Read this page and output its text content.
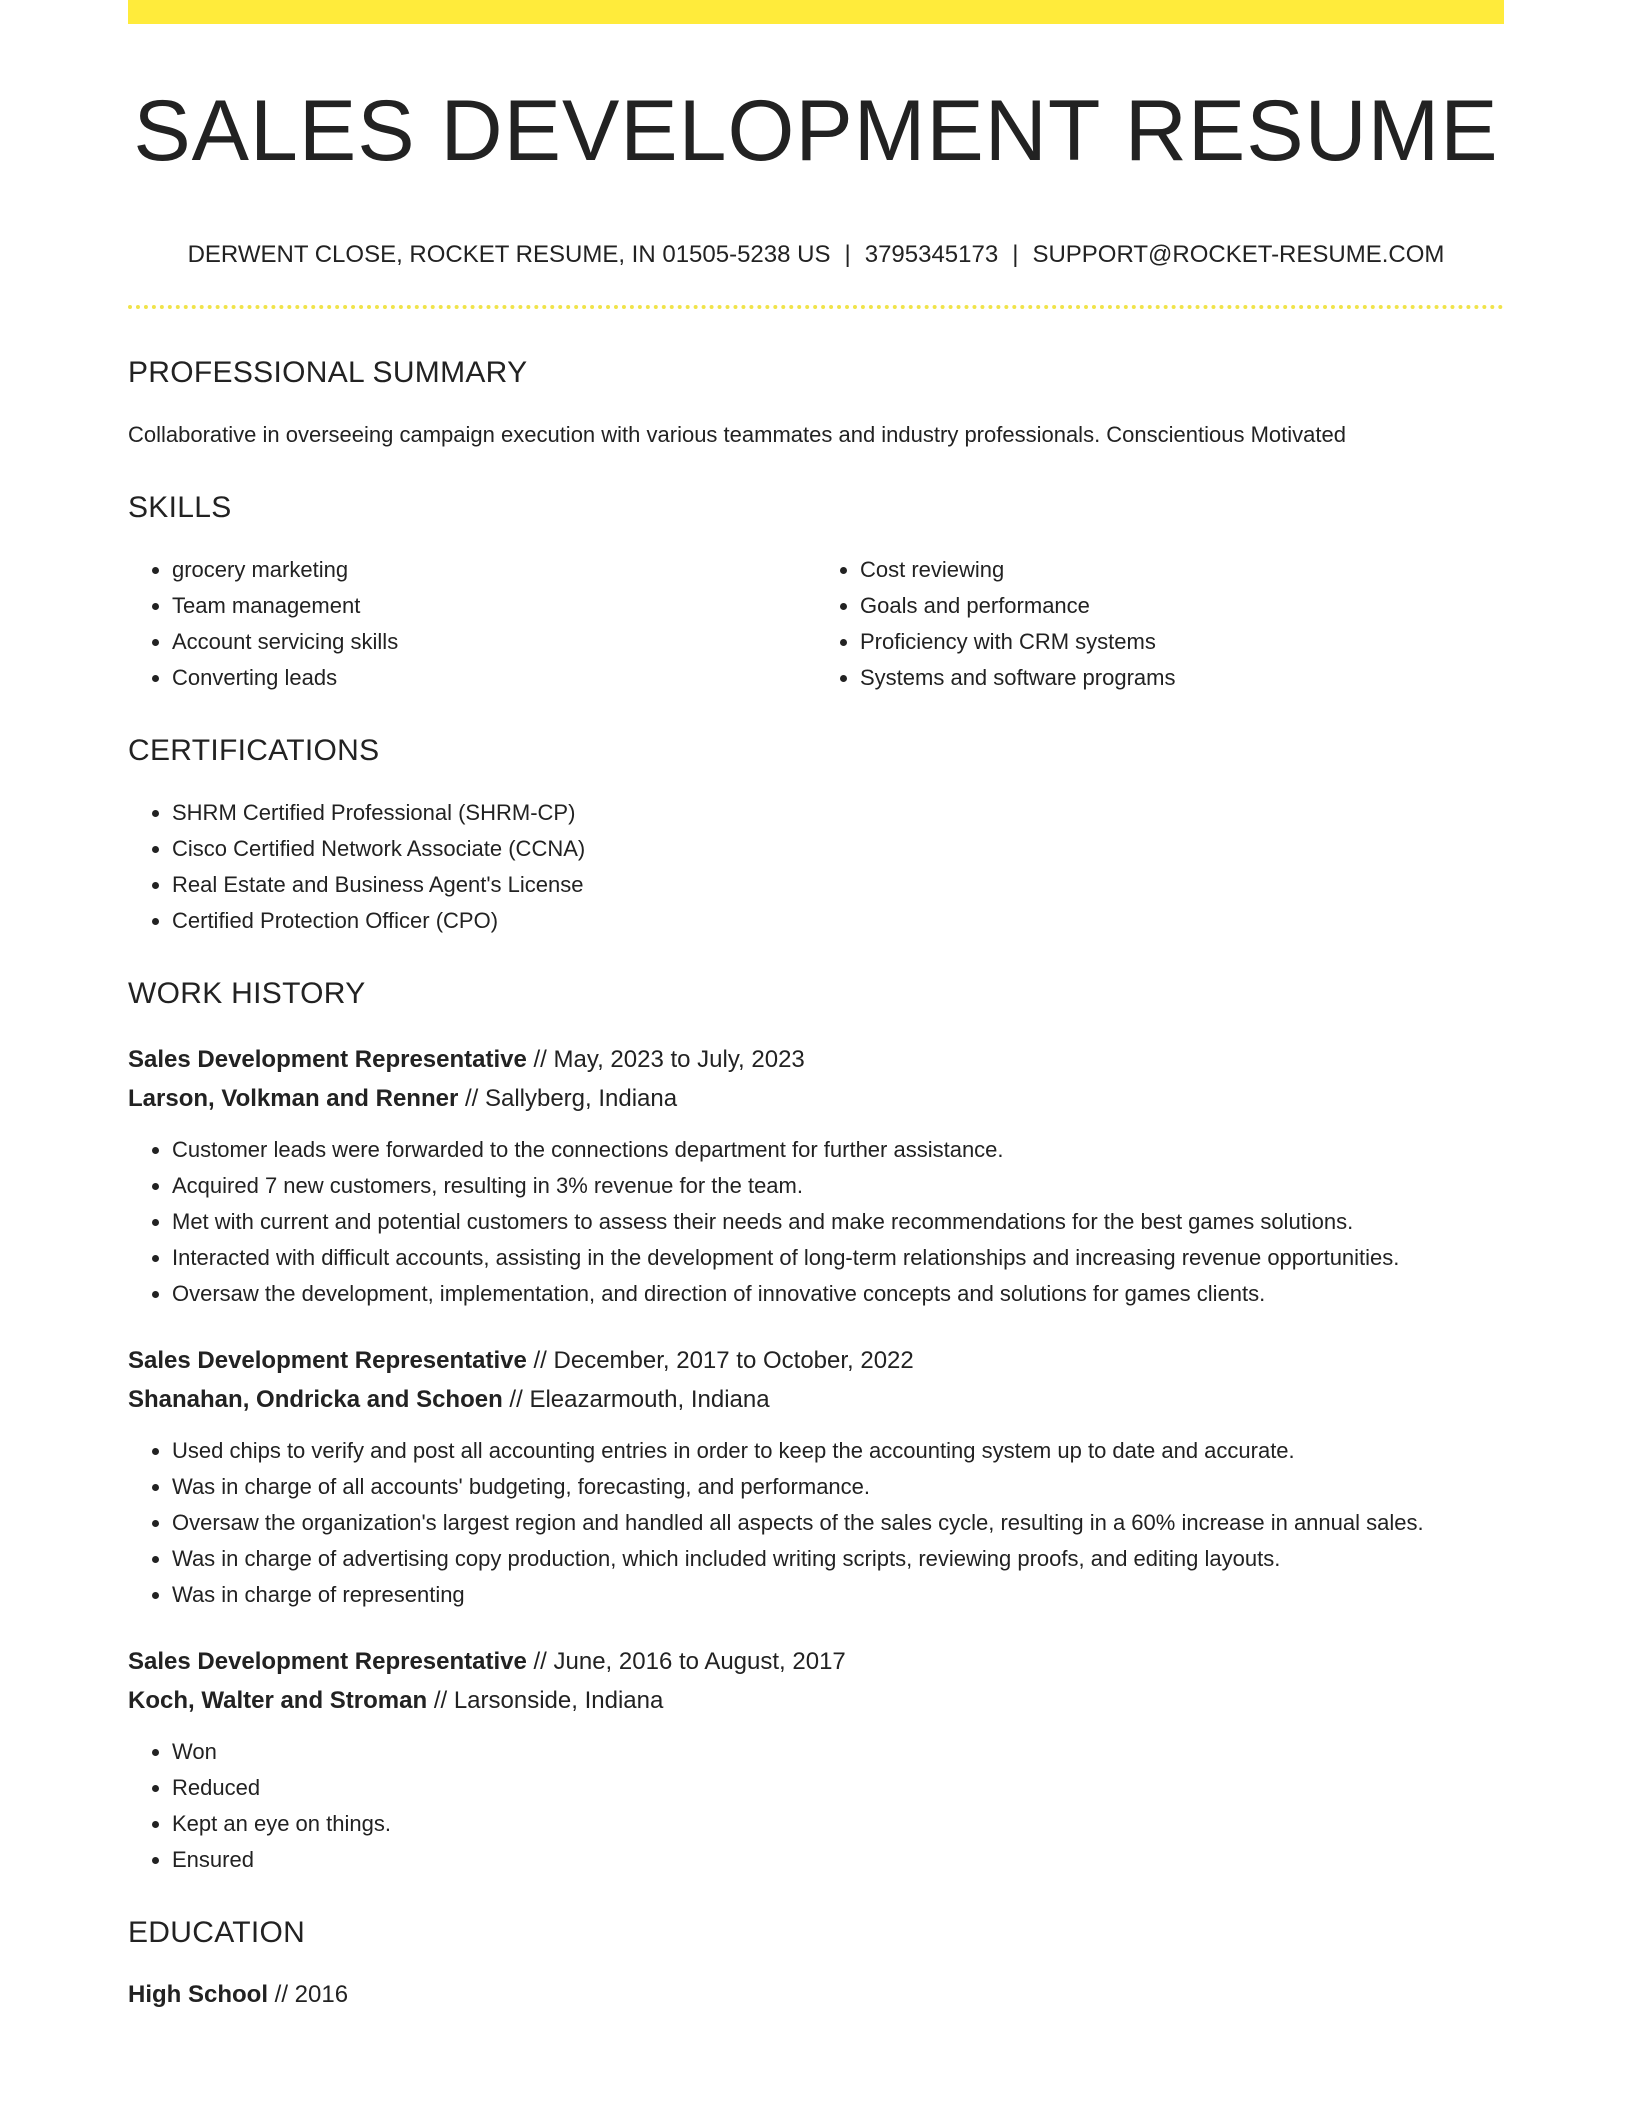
SALES DEVELOPMENT RESUME
DERWENT CLOSE, ROCKET RESUME, IN 01505-5238 US | 3795345173 | SUPPORT@ROCKET-RESUME.COM
PROFESSIONAL SUMMARY
Collaborative in overseeing campaign execution with various teammates and industry professionals. Conscientious Motivated
SKILLS
• grocery marketing
• Team management
• Account servicing skills
• Converting leads
• Cost reviewing
• Goals and performance
• Proficiency with CRM systems
• Systems and software programs
CERTIFICATIONS
• SHRM Certified Professional (SHRM-CP)
• Cisco Certified Network Associate (CCNA)
• Real Estate and Business Agent's License
• Certified Protection Officer (CPO)
WORK HISTORY
Sales Development Representative // May, 2023 to July, 2023
Larson, Volkman and Renner // Sallyberg, Indiana
• Customer leads were forwarded to the connections department for further assistance.
• Acquired 7 new customers, resulting in 3% revenue for the team.
• Met with current and potential customers to assess their needs and make recommendations for the best games solutions.
• Interacted with difficult accounts, assisting in the development of long-term relationships and increasing revenue opportunities.
• Oversaw the development, implementation, and direction of innovative concepts and solutions for games clients.
Sales Development Representative // December, 2017 to October, 2022
Shanahan, Ondricka and Schoen // Eleazarmouth, Indiana
• Used chips to verify and post all accounting entries in order to keep the accounting system up to date and accurate.
• Was in charge of all accounts' budgeting, forecasting, and performance.
• Oversaw the organization's largest region and handled all aspects of the sales cycle, resulting in a 60% increase in annual sales.
• Was in charge of advertising copy production, which included writing scripts, reviewing proofs, and editing layouts.
• Was in charge of representing
Sales Development Representative // June, 2016 to August, 2017
Koch, Walter and Stroman // Larsonside, Indiana
• Won
• Reduced
• Kept an eye on things.
• Ensured
EDUCATION
High School // 2016
